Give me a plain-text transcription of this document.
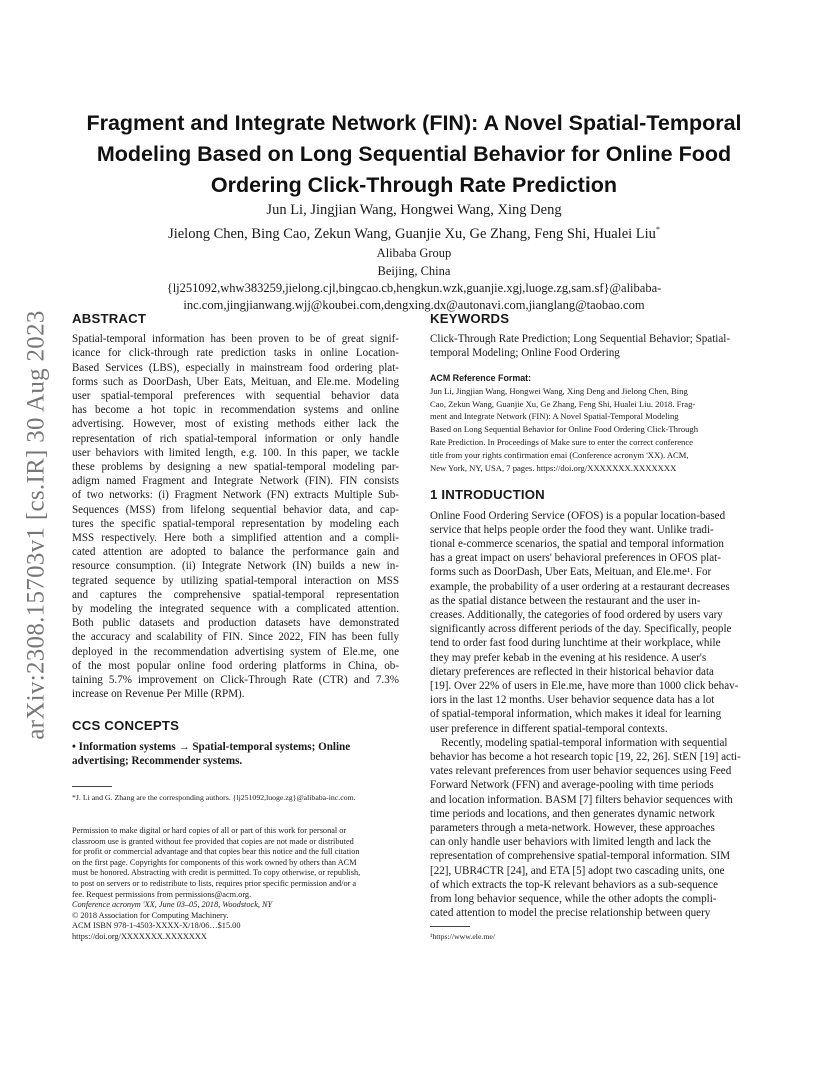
arXiv:2308.15703v1 [cs.IR] 30 Aug 2023
Fragment and Integrate Network (FIN): A Novel Spatial-Temporal
Modeling Based on Long Sequential Behavior for Online Food
Ordering Click-Through Rate Prediction
Jun Li, Jingjian Wang, Hongwei Wang, Xing Deng
Jielong Chen, Bing Cao, Zekun Wang, Guanjie Xu, Ge Zhang, Feng Shi, Hualei Liu*
Alibaba Group
Beijing, China
{lj251092,whw383259,jielong.cjl,bingcao.cb,hengkun.wzk,guanjie.xgj,luoge.zg,sam.sf}@alibaba-
inc.com,jingjianwang.wjj@koubei.com,dengxing.dx@autonavi.com,jianglang@taobao.com
ABSTRACT
Spatial-temporal information has been proven to be of great signif- icance for click-through rate prediction tasks in online Location- Based Services (LBS), especially in mainstream food ordering plat- forms such as DoorDash, Uber Eats, Meituan, and Ele.me. Modeling user spatial-temporal preferences with sequential behavior data has become a hot topic in recommendation systems and online advertising. However, most of existing methods either lack the representation of rich spatial-temporal information or only handle user behaviors with limited length, e.g. 100. In this paper, we tackle these problems by designing a new spatial-temporal modeling par- adigm named Fragment and Integrate Network (FIN). FIN consists of two networks: (i) Fragment Network (FN) extracts Multiple Sub- Sequences (MSS) from lifelong sequential behavior data, and cap- tures the specific spatial-temporal representation by modeling each MSS respectively. Here both a simplified attention and a compli- cated attention are adopted to balance the performance gain and resource consumption. (ii) Integrate Network (IN) builds a new in- tegrated sequence by utilizing spatial-temporal interaction on MSS and captures the comprehensive spatial-temporal representation by modeling the integrated sequence with a complicated attention. Both public datasets and production datasets have demonstrated the accuracy and scalability of FIN. Since 2022, FIN has been fully deployed in the recommendation advertising system of Ele.me, one of the most popular online food ordering platforms in China, ob- taining 5.7% improvement on Click-Through Rate (CTR) and 7.3% increase on Revenue Per Mille (RPM).
CCS CONCEPTS
• Information systems → Spatial-temporal systems; Online
advertising; Recommender systems.
*J. Li and G. Zhang are the corresponding authors. {lj251092,luoge.zg}@alibaba-inc.com.
Permission to make digital or hard copies of all or part of this work for personal or
classroom use is granted without fee provided that copies are not made or distributed
for profit or commercial advantage and that copies bear this notice and the full citation
on the first page. Copyrights for components of this work owned by others than ACM
must be honored. Abstracting with credit is permitted. To copy otherwise, or republish,
to post on servers or to redistribute to lists, requires prior specific permission and/or a
fee. Request permissions from permissions@acm.org.
Conference acronym 'XX, June 03–05, 2018, Woodstock, NY
© 2018 Association for Computing Machinery.
ACM ISBN 978-1-4503-XXXX-X/18/06…$15.00
https://doi.org/XXXXXXX.XXXXXXX
KEYWORDS
Click-Through Rate Prediction; Long Sequential Behavior; Spatial-
temporal Modeling; Online Food Ordering
ACM Reference Format:
Jun Li, Jingjian Wang, Hongwei Wang, Xing Deng and Jielong Chen, Bing
Cao, Zekun Wang, Guanjie Xu, Ge Zhang, Feng Shi, Hualei Liu. 2018. Frag-
ment and Integrate Network (FIN): A Novel Spatial-Temporal Modeling
Based on Long Sequential Behavior for Online Food Ordering Click-Through
Rate Prediction. In Proceedings of Make sure to enter the correct conference
title from your rights confirmation emai (Conference acronym 'XX). ACM,
New York, NY, USA, 7 pages. https://doi.org/XXXXXXX.XXXXXXX
1 INTRODUCTION
Online Food Ordering Service (OFOS) is a popular location-based
service that helps people order the food they want. Unlike tradi-
tional e-commerce scenarios, the spatial and temporal information
has a great impact on users' behavioral preferences in OFOS plat-
forms such as DoorDash, Uber Eats, Meituan, and Ele.me¹. For
example, the probability of a user ordering at a restaurant decreases
as the spatial distance between the restaurant and the user in-
creases. Additionally, the categories of food ordered by users vary
significantly across different periods of the day. Specifically, people
tend to order fast food during lunchtime at their workplace, while
they may prefer kebab in the evening at his residence. A user's
dietary preferences are reflected in their historical behavior data
[19]. Over 22% of users in Ele.me, have more than 1000 click behav-
iors in the last 12 months. User behavior sequence data has a lot
of spatial-temporal information, which makes it ideal for learning
user preference in different spatial-temporal contexts.
Recently, modeling spatial-temporal information with sequential
behavior has become a hot research topic [19, 22, 26]. StEN [19] acti-
vates relevant preferences from user behavior sequences using Feed
Forward Network (FFN) and average-pooling with time periods
and location information. BASM [7] filters behavior sequences with
time periods and locations, and then generates dynamic network
parameters through a meta-network. However, these approaches
can only handle user behaviors with limited length and lack the
representation of comprehensive spatial-temporal information. SIM
[22], UBR4CTR [24], and ETA [5] adopt two cascading units, one
of which extracts the top-K relevant behaviors as a sub-sequence
from long behavior sequence, while the other adopts the compli-
cated attention to model the precise relationship between query
¹https://www.ele.me/
